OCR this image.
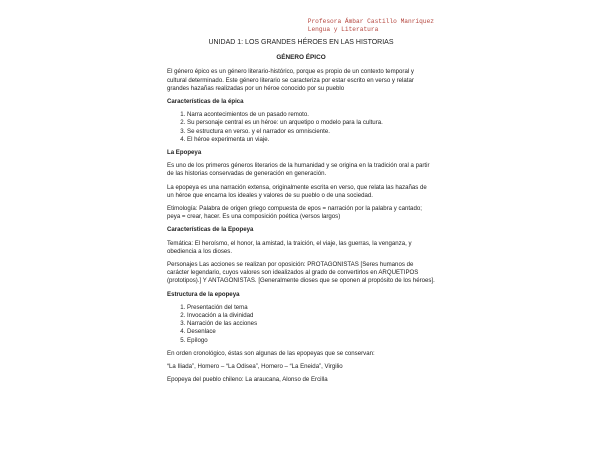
Profesora Ámbar Castillo Manríquez
Lengua y Literatura
UNIDAD 1: LOS GRANDES HÉROES EN LAS HISTORIAS
GÉNERO ÉPICO

El género épico es un género literario-histórico, porque es propio de un contexto temporal y cultural determinado. Este género literario se caracteriza por estar escrito en verso y relatar grandes hazañas realizadas por un héroe conocido por su pueblo

Características de la épica
1. Narra acontecimientos de un pasado remoto.
2. Su personaje central es un héroe: un arquetipo o modelo para la cultura.
3. Se estructura en verso. y el narrador es omnisciente.
4. El héroe experimenta un viaje.
La Epopeya

Es uno de los primeros géneros literarios de la humanidad y se origina en la tradición oral a partir de las historias conservadas de generación en generación.

La epopeya es una narración extensa, originalmente escrita en verso, que relata las hazañas de un héroe que encarna los ideales y valores de su pueblo o de una sociedad.

Etimología: Palabra de origen griego compuesta de epos = narración por la palabra y cantado; peya = crear, hacer. Es una composición poética (versos largos)

Características de la Epopeya

Temática: El heroísmo, el honor, la amistad, la traición, el viaje, las guerras, la venganza, y obediencia a los dioses.

Personajes Las acciones se realizan por oposición: PROTAGONISTAS [Seres humanos de carácter legendario, cuyos valores son idealizados al grado de convertirlos en ARQUETIPOS (prototipos).] Y ANTAGONISTAS. [Generalmente dioses que se oponen al propósito de los héroes].

Estructura de la epopeya
1. Presentación del tema
2. Invocación a la divinidad
3. Narración de las acciones
4. Desenlace
5. Epílogo

En orden cronológico, éstas son algunas de las epopeyas que se conservan:

“La Iliada”, Homero – “La Odisea”, Homero – “La Eneida”, Virgilio

Epopeya del pueblo chileno: La araucana, Alonso de Ercilla
